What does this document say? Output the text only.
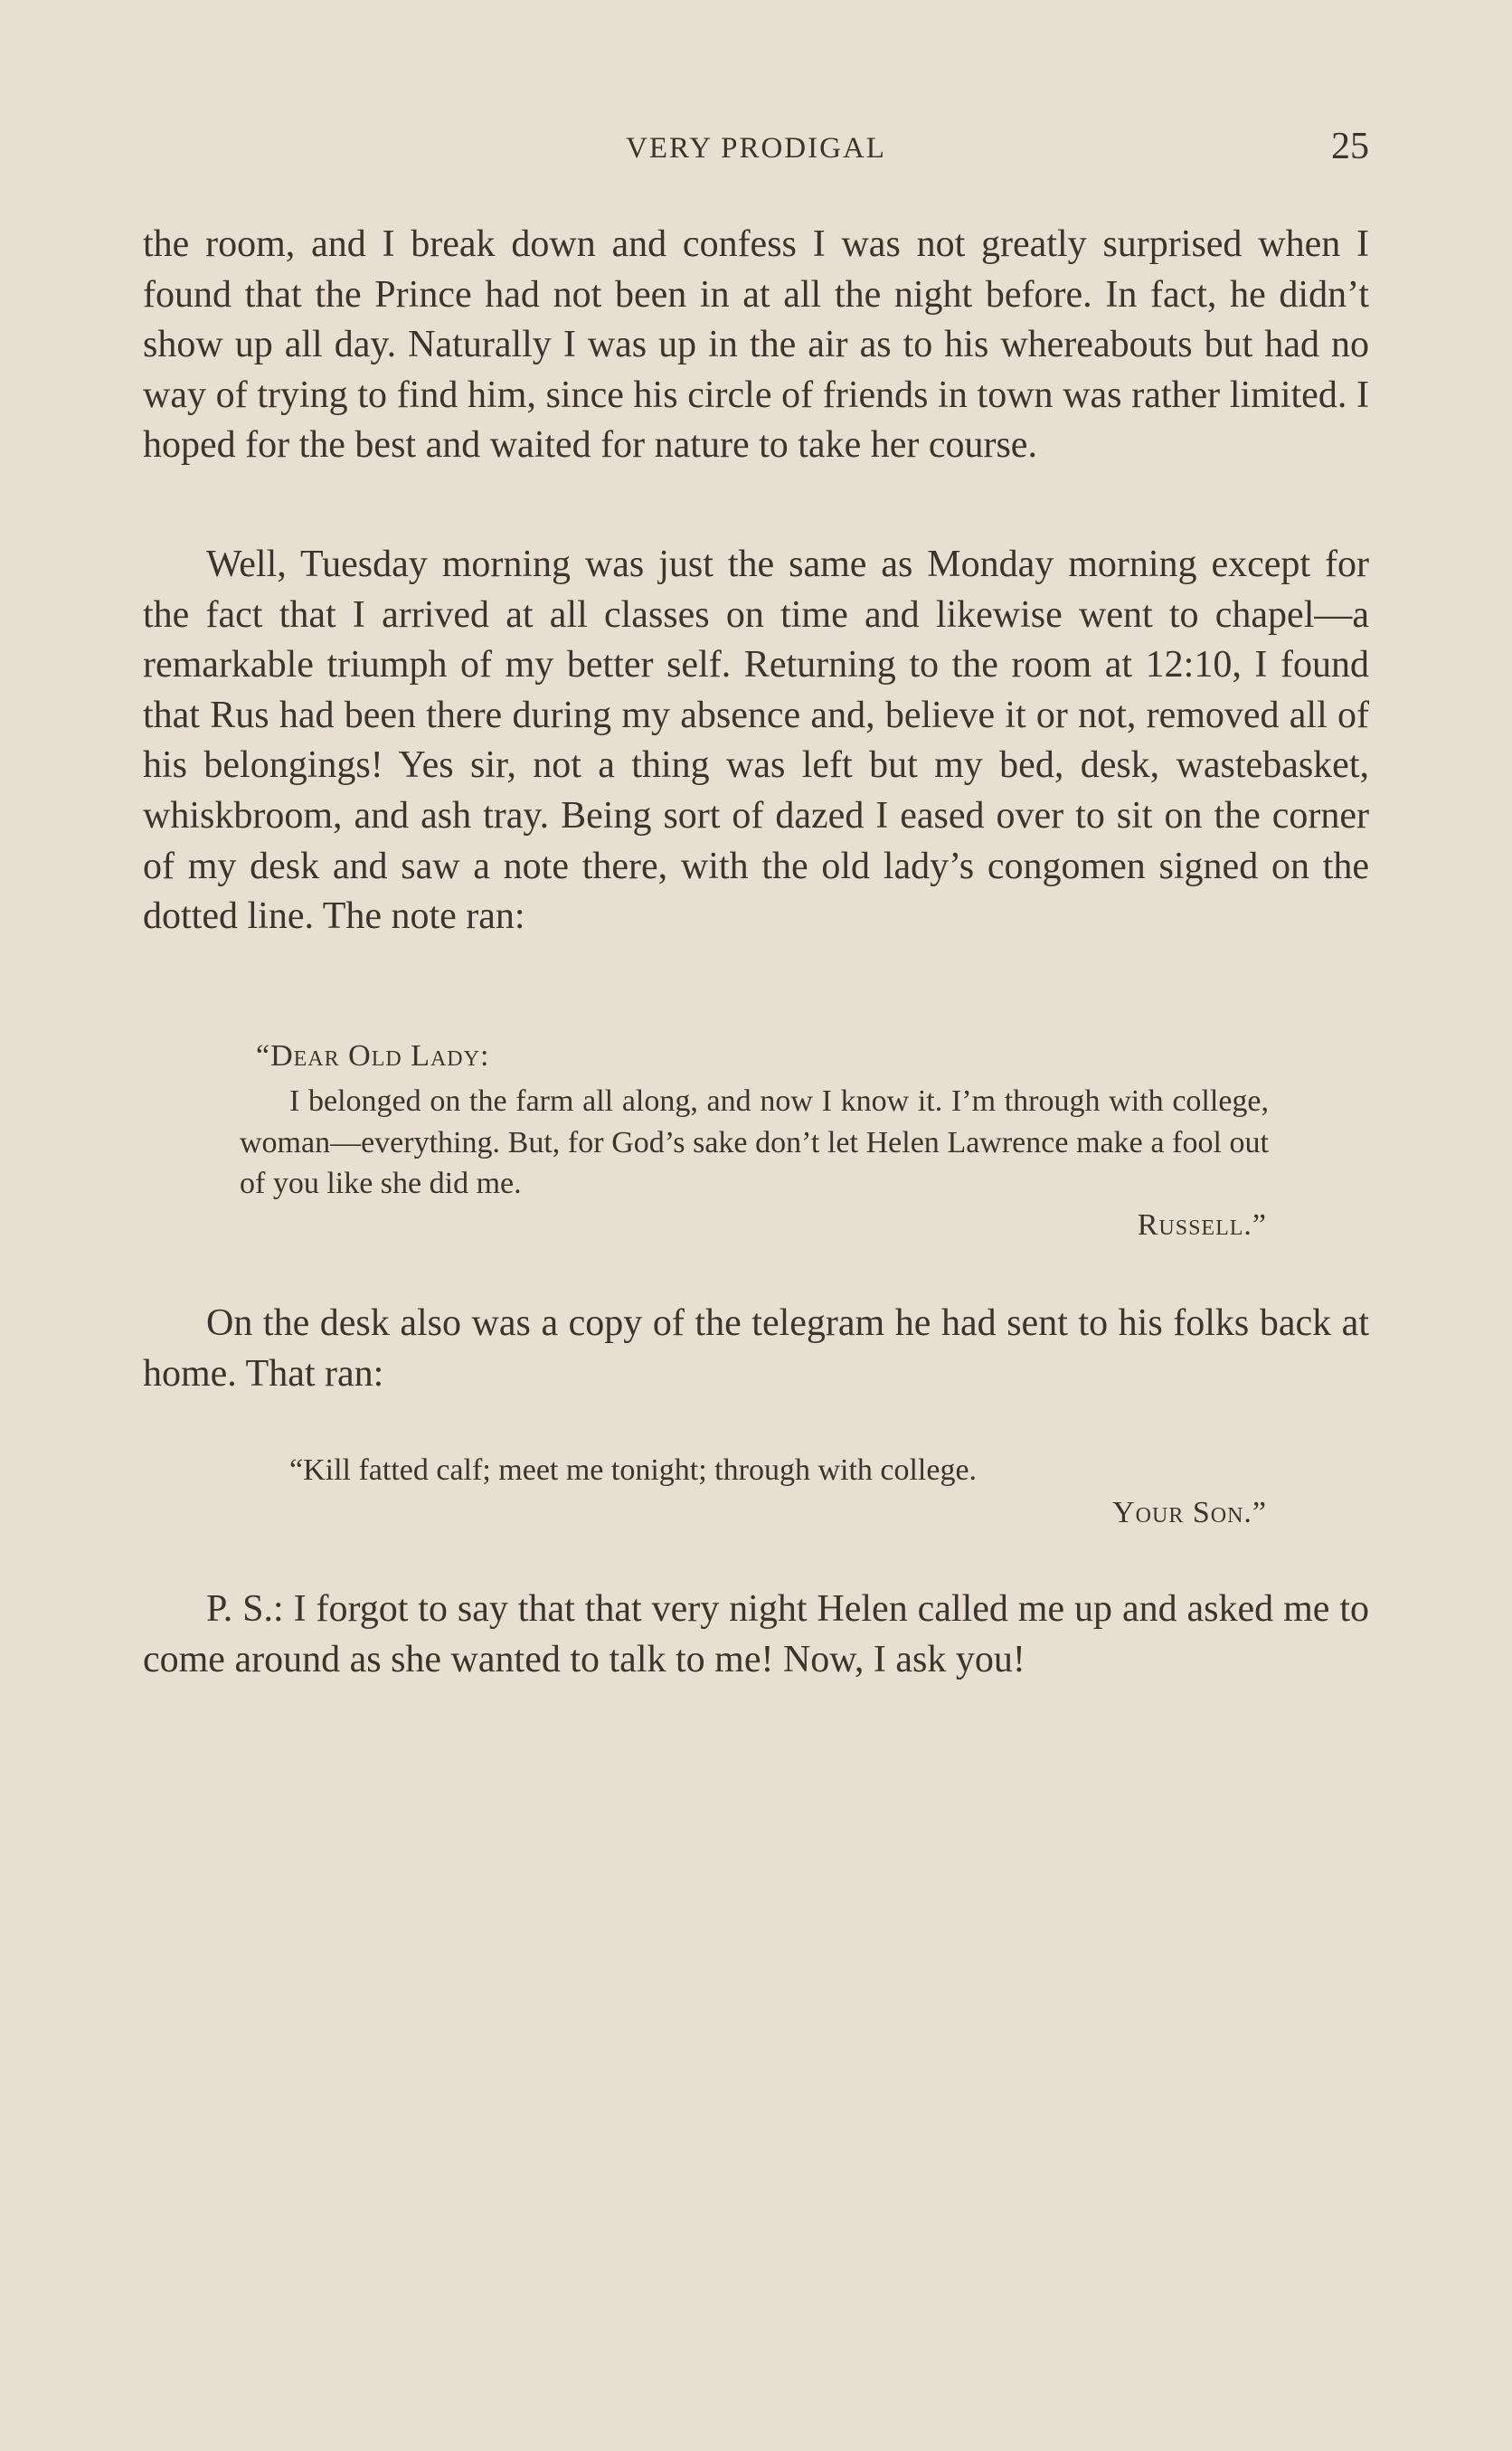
VERY PRODIGAL	25

the room, and I break down and confess I was not greatly surprised when I found that the Prince had not been in at all the night before. In fact, he didn’t show up all day. Naturally I was up in the air as to his whereabouts but had no way of trying to find him, since his circle of friends in town was rather limited. I hoped for the best and waited for nature to take her course.

Well, Tuesday morning was just the same as Monday morning except for the fact that I arrived at all classes on time and likewise went to chapel—a remarkable triumph of my better self. Returning to the room at 12:10, I found that Rus had been there during my absence and, believe it or not, removed all of his belongings! Yes sir, not a thing was left but my bed, desk, wastebasket, whiskbroom, and ash tray. Being sort of dazed I eased over to sit on the corner of my desk and saw a note there, with the old lady’s congomen signed on the dotted line. The note ran:

“Dear Old Lady:

I belonged on the farm all along, and now I know it. I’m through with college, woman—everything. But, for God’s sake don’t let Helen Lawrence make a fool out of you like she did me.

Russell.”

On the desk also was a copy of the telegram he had sent to his folks back at home. That ran:

“Kill fatted calf; meet me tonight; through with college.
Your Son.”

P. S.: I forgot to say that that very night Helen called me up and asked me to come around as she wanted to talk to me! Now, I ask you!
